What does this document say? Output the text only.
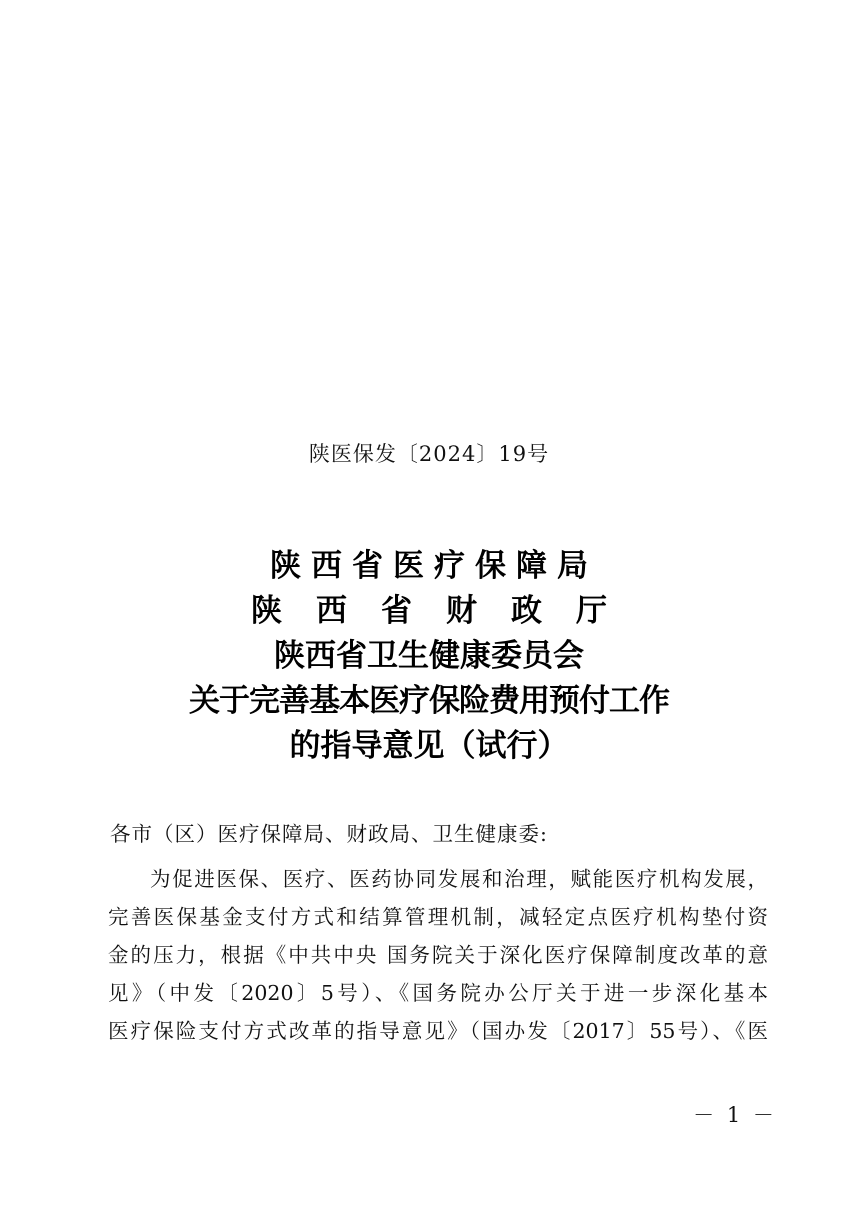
陕医保发〔2024〕19号
陕西省医疗保障局
陕西省财政厅
陕西省卫生健康委员会
关于完善基本医疗保险费用预付工作
的指导意见（试行）
各市（区）医疗保障局、财政局、卫生健康委:
为促进医保、医疗、医药协同发展和治理，赋能医疗机构发展，
完善医保基金支付方式和结算管理机制，减轻定点医疗机构垫付资
金的压力，根据《中共中央 国务院关于深化医疗保障制度改革的意
见》（中发〔2020〕5号）、《国务院办公厅关于进一步深化基本
医疗保险支付方式改革的指导意见》（国办发〔2017〕55号）、《医
－ 1 －
